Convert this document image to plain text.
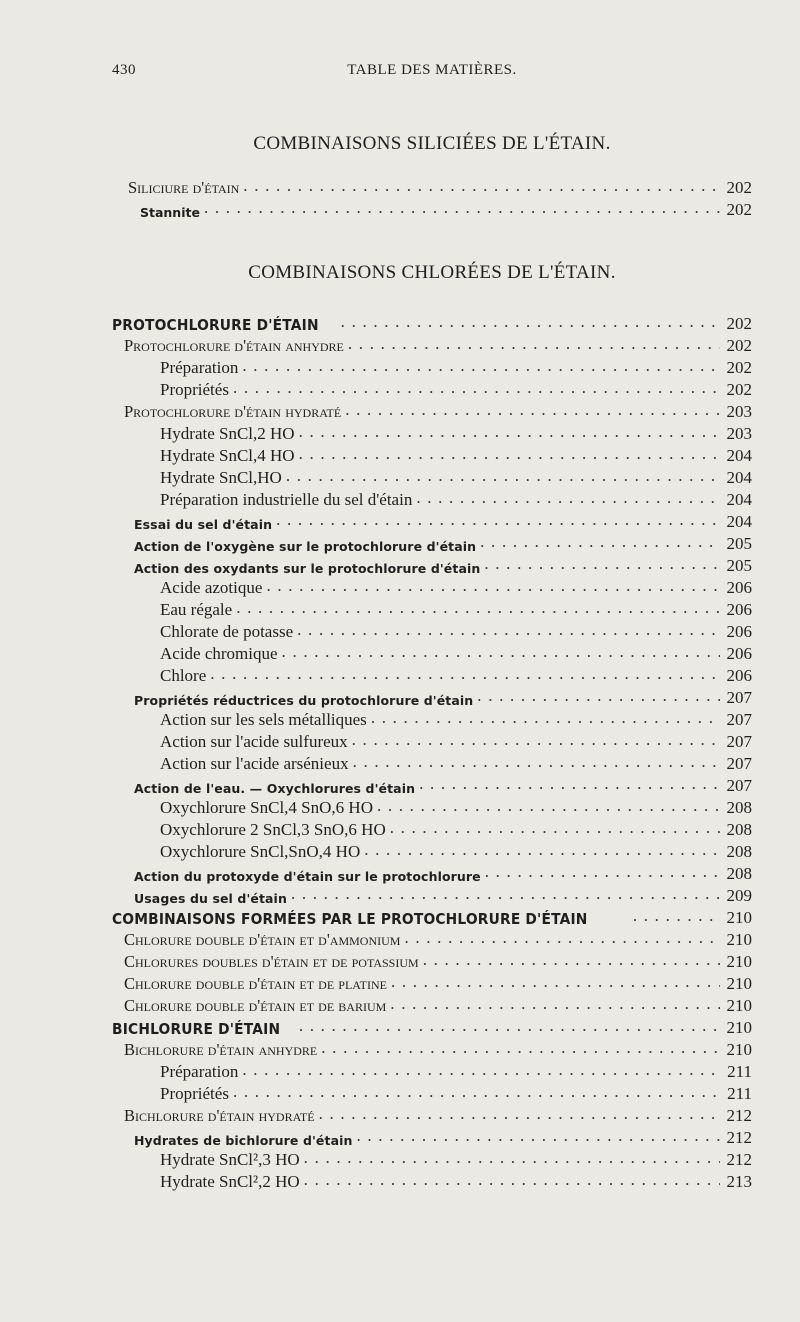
430	TABLE DES MATIÈRES.
COMBINAISONS SILICIÉES DE L'ÉTAIN.
Siliciure d'étain . . .	202
Stannite . . .	202
COMBINAISONS CHLORÉES DE L'ÉTAIN.
PROTOCHLORURE D'ÉTAIN . . .	202
Protochlorure d'étain anhydre . . .	202
Préparation . . .	202
Propriétés . . .	202
Protochlorure d'étain hydraté . . .	203
Hydrate SnCl,2 HO . . .	203
Hydrate SnCl,4 HO . . .	204
Hydrate SnCl,HO . . .	204
Préparation industrielle du sel d'étain . . .	204
Essai du sel d'étain . . .	204
Action de l'oxygène sur le protochlorure d'étain . . .	205
Action des oxydants sur le protochlorure d'étain . . .	205
Acide azotique . . .	206
Eau régale . . .	206
Chlorate de potasse . . .	206
Acide chromique . . .	206
Chlore . . .	206
Propriétés réductrices du protochlorure d'étain . . .	207
Action sur les sels métalliques . . .	207
Action sur l'acide sulfureux . . .	207
Action sur l'acide arsénieux . . .	207
Action de l'eau. — Oxychlorures d'étain . . .	207
Oxychlorure SnCl,4 SnO,6 HO . . .	208
Oxychlorure 2 SnCl,3 SnO,6 HO . . .	208
Oxychlorure SnCl,SnO,4 HO . . .	208
Action du protoxyde d'étain sur le protochlorure . . .	208
Usages du sel d'étain . . .	209
COMBINAISONS FORMÉES PAR LE PROTOCHLORURE D'ÉTAIN . . .	210
Chlorure double d'étain et d'ammonium . . .	210
Chlorures doubles d'étain et de potassium . . .	210
Chlorure double d'étain et de platine . . .	210
Chlorure double d'étain et de barium . . .	210
BICHLORURE D'ÉTAIN . . .	210
Bichlorure d'étain anhydre . . .	210
Préparation . . .	211
Propriétés . . .	211
Bichlorure d'étain hydraté . . .	212
Hydrates de bichlorure d'étain . . .	212
Hydrate SnCl²,3 HO . . .	212
Hydrate SnCl²,2 HO . . .	213
